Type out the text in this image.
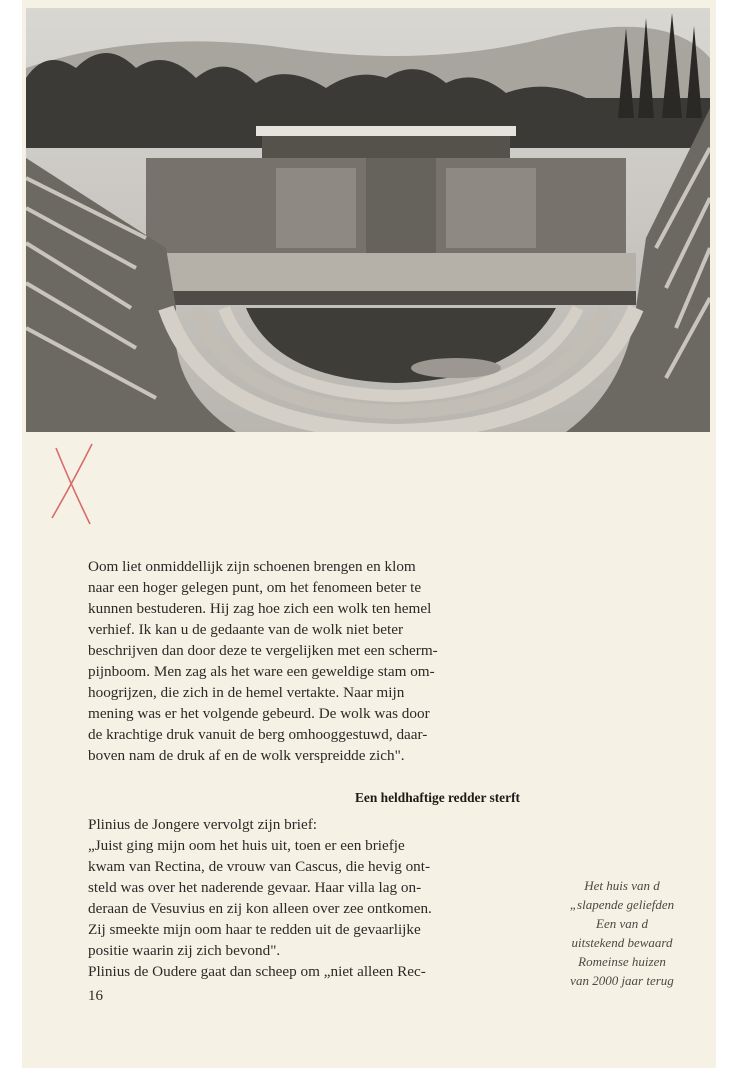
Oom liet onmiddellijk zijn schoenen brengen en klom

naar een hoger gelegen punt, om het fenomeen beter te

kunnen bestuderen. Hij zag hoe zich een wolk ten hemel

verhief. Ik kan u de gedaante van de wolk niet beter

beschrijven dan door deze te vergelijken met een scherm-

pijnboom. Men zag als het ware een geweldige stam om-

hoogrijzen, die zich in de hemel vertakte. Naar mijn

mening was er het volgende gebeurd. De wolk was door

de krachtige druk vanuit de berg omhooggestuwd, daar-

boven nam de druk af en de wolk verspreidde zich".

Een heldhaftige redder sterft

Plinius de Jongere vervolgt zijn brief:

„Juist ging mijn oom het huis uit, toen er een briefje

kwam van Rectina, de vrouw van Cascus, die hevig ont-

steld was over het naderende gevaar. Haar villa lag on-

deraan de Vesuvius en zij kon alleen over zee ontkomen.

Zij smeekte mijn oom haar te redden uit de gevaarlijke

positie waarin zij zich bevond".

Plinius de Oudere gaat dan scheep om „niet alleen Rec-

16
Het huis van d
„slapende geliefden
Een van d
uitstekend bewaard
Romeinse huizen
van 2000 jaar terug
